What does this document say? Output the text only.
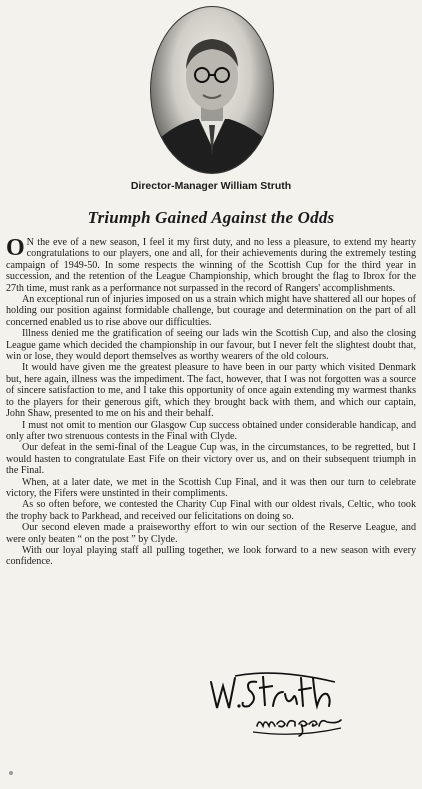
Director-Manager William Struth
Triumph Gained Against the Odds

O N the eve of a new season, I feel it my first duty, and no less a pleasure, to extend my hearty congratulations to our players, one and all, for their achievements during the extremely testing campaign of 1949-50. In some respects the winning of the Scottish Cup for the third year in succession, and the retention of the League Championship, which brought the flag to Ibrox for the 27th time, must rank as a performance not surpassed in the record of Rangers' accomplishments.

An exceptional run of injuries imposed on us a strain which might have shattered all our hopes of holding our position against formidable challenge, but courage and determination on the part of all concerned enabled us to rise above our difficulties.

Illness denied me the gratification of seeing our lads win the Scottish Cup, and also the closing League game which decided the championship in our favour, but I never felt the slightest doubt that, win or lose, they would deport themselves as worthy wearers of the old colours.

It would have given me the greatest pleasure to have been in our party which visited Denmark but, here again, illness was the impediment. The fact, however, that I was not forgotten was a source of sincere satisfaction to me, and I take this opportunity of once again extending my warmest thanks to the players for their generous gift, which they brought back with them, and which our captain, John Shaw, presented to me on his and their behalf.

I must not omit to mention our Glasgow Cup success obtained under considerable handicap, and only after two strenuous contests in the Final with Clyde.

Our defeat in the semi-final of the League Cup was, in the circumstances, to be regretted, but I would hasten to congratulate East Fife on their victory over us, and on their subsequent triumph in the Final.

When, at a later date, we met in the Scottish Cup Final, and it was then our turn to celebrate victory, the Fifers were unstinted in their compliments.

As so often before, we contested the Charity Cup Final with our oldest rivals, Celtic, who took the trophy back to Parkhead, and received our felicitations on doing so.

Our second eleven made a praiseworthy effort to win our section of the Reserve League, and were only beaten “ on the post ” by Clyde.

With our loyal playing staff all pulling together, we look forward to a new season with every confidence.
